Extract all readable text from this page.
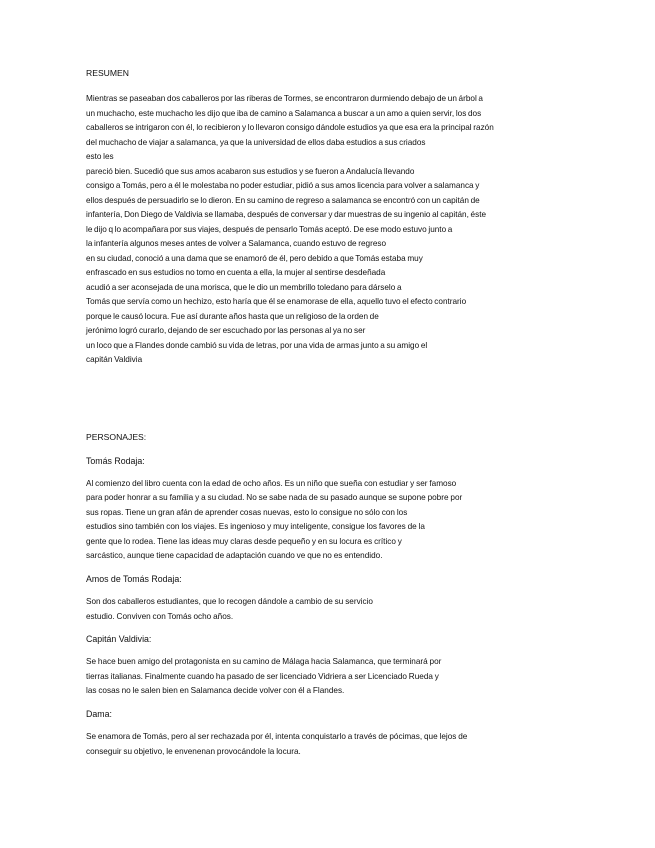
RESUMEN
Mientras se paseaban dos caballeros por las riberas de Tormes, se encontraron durmiendo debajo de un árbol a
un muchacho, este muchacho les dijo que iba de camino a Salamanca a buscar a un amo a quien servir, los dos
caballeros se intrigaron con él, lo recibieron y lo llevaron consigo dándole estudios ya que esa era la principal razón
del muchacho de viajar a salamanca, ya que la universidad de ellos daba estudios a sus criados
esto les
pareció bien. Sucedió que sus amos acabaron sus estudios y se fueron a Andalucía llevando
consigo a Tomás, pero a él le molestaba no poder estudiar, pidió a sus amos licencia para volver a salamanca y
ellos después de persuadirlo se lo dieron. En su camino de regreso a salamanca se encontró con un capitán de
infantería, Don Diego de Valdivia se llamaba, después de conversar y dar muestras de su ingenio al capitán, éste
le dijo q lo acompañara por sus viajes, después de pensarlo Tomás aceptó. De ese modo estuvo junto a
la infantería algunos meses antes de volver a Salamanca, cuando estuvo de regreso
en su ciudad, conoció a una dama que se enamoró de él, pero debido a que Tomás estaba muy
enfrascado en sus estudios no tomo en cuenta a ella, la mujer al sentirse desdeñada
acudió a ser aconsejada de una morisca, que le dio un membrillo toledano para dárselo a
Tomás que servía como un hechizo, esto haría que él se enamorase de ella, aquello tuvo el efecto contrario
porque le causó locura. Fue así durante años hasta que un religioso de la orden de
jerónimo logró curarlo, dejando de ser escuchado por las personas al ya no ser
un loco que a Flandes donde cambió su vida de letras, por una vida de armas junto a su amigo el
capitán Valdivia
PERSONAJES:
Tomás Rodaja:
Al comienzo del libro cuenta con la edad de ocho años. Es un niño que sueña con estudiar y ser famoso
para poder honrar a su familia y a su ciudad. No se sabe nada de su pasado aunque se supone pobre por
sus ropas. Tiene un gran afán de aprender cosas nuevas, esto lo consigue no sólo con los
estudios sino también con los viajes. Es ingenioso y muy inteligente, consigue los favores de la
gente que lo rodea. Tiene las ideas muy claras desde pequeño y en su locura es crítico y
sarcástico, aunque tiene capacidad de adaptación cuando ve que no es entendido.
Amos de Tomás Rodaja:
Son dos caballeros estudiantes, que lo recogen dándole a cambio de su servicio
estudio. Conviven con Tomás ocho años.
Capitán Valdivia:
Se hace buen amigo del protagonista en su camino de Málaga hacia Salamanca, que terminará por
tierras italianas. Finalmente cuando ha pasado de ser licenciado Vidriera a ser Licenciado Rueda y
las cosas no le salen bien en Salamanca decide volver con él a Flandes.
Dama:
Se enamora de Tomás, pero al ser rechazada por él, intenta conquistarlo a través de pócimas, que lejos de
conseguir su objetivo, le envenenan provocándole la locura.
